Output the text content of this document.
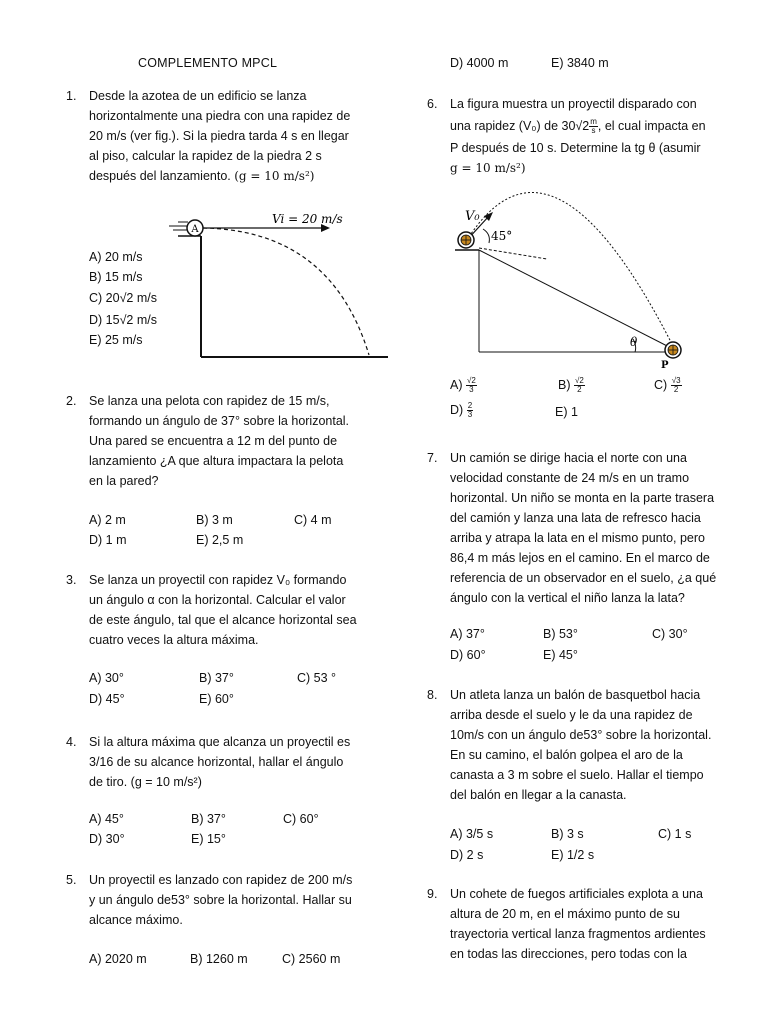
COMPLEMENTO MPCL
1.	Desde la azotea de un edificio se lanza
horizontalmente una piedra con una rapidez de
20 m/s (ver fig.). Si la piedra tarda 4 s en llegar
al piso, calcular la rapidez de la piedra 2 s
después del lanzamiento. (g = 10 m/s²)
A
Vi = 20 m/s
A) 20 m/s
B) 15 m/s
C) 20√2 m/s
D) 15√2 m/s
E) 25 m/s
2.	Se lanza una pelota con rapidez de 15 m/s,
formando un ángulo de 37° sobre la horizontal.
Una pared se encuentra a 12 m del punto de
lanzamiento ¿A que altura impactara la pelota
en la pared?
A) 2 m	B) 3 m	C) 4 m
D) 1 m	E) 2,5 m
3.	Se lanza un proyectil con rapidez V₀ formando
un ángulo α con la horizontal. Calcular el valor
de este ángulo, tal que el alcance horizontal sea
cuatro veces la altura máxima.
A) 30°	B) 37°	C) 53 °
D) 45°	E) 60°
4.	Si la altura máxima que alcanza un proyectil es
3/16 de su alcance horizontal, hallar el ángulo
de tiro. (g = 10 m/s²)
A) 45°	B) 37°	C) 60°
D) 30°	E) 15°
5.	Un proyectil es lanzado con rapidez de 200 m/s
y un ángulo de53° sobre la horizontal. Hallar su
alcance máximo.
A) 2020 m	B) 1260 m	C) 2560 m
D) 4000 m	E) 3840 m
6.	La figura muestra un proyectil disparado con
una rapidez (V₀) de $30√2 \frac{m}{s}$ , el cual impacta en
P después de 10 s. Determine la tg θ (asumir
g = 10 m/s²)
V₀
45°
θ
P
$A) \frac{√2}{3}$	$B) \frac{√2}{2}$	$C) \frac{√3}{2}$
$D) \frac{2}{3}$	E) 1
7.	Un camión se dirige hacia el norte con una
velocidad constante de 24 m/s en un tramo
horizontal. Un niño se monta en la parte trasera
del camión y lanza una lata de refresco hacia
arriba y atrapa la lata en el mismo punto, pero
86,4 m más lejos en el camino. En el marco de
referencia de un observador en el suelo, ¿a qué
ángulo con la vertical el niño lanza la lata?
A) 37°	B) 53°	C) 30°
D) 60°	E) 45°
8.	Un atleta lanza un balón de basquetbol hacia
arriba desde el suelo y le da una rapidez de
10m/s con un ángulo de53° sobre la horizontal.
En su camino, el balón golpea el aro de la
canasta a 3 m sobre el suelo. Hallar el tiempo
del balón en llegar a la canasta.
A) 3/5 s	B) 3 s	C) 1 s
D) 2 s	E) 1/2 s
9.	Un cohete de fuegos artificiales explota a una
altura de 20 m, en el máximo punto de su
trayectoria vertical lanza fragmentos ardientes
en todas las direcciones, pero todas con la
